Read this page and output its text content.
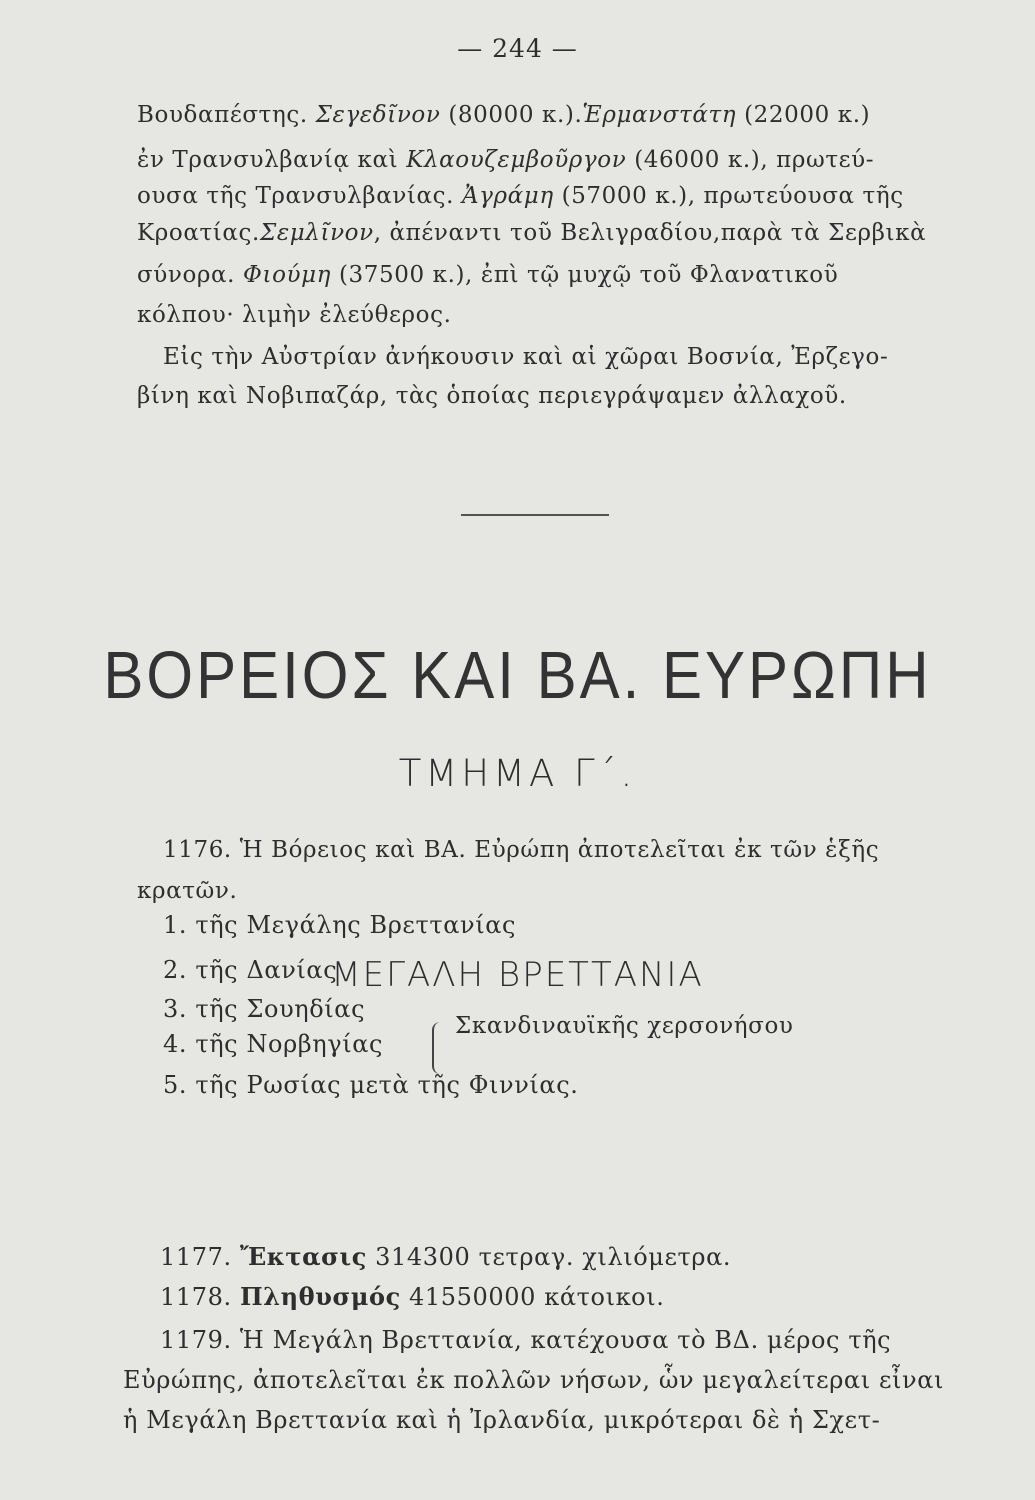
— 244 —
Βουδαπέστης. Σεγεδῖνον (80000 κ.).Ἑρμανστάτη (22000 κ.)
ἐν Τρανσυλβανίᾳ καὶ Κλαουζεμβοῦργον (46000 κ.), πρωτεύ-
ουσα τῆς Τρανσυλβανίας. Ἀγράμη (57000 κ.), πρωτεύουσα τῆς
Κροατίας.Σεμλῖνον, ἀπέναντι τοῦ Βελιγραδίου,παρὰ τὰ Σερβικὰ
σύνορα. Φιούμη (37500 κ.), ἐπὶ τῷ μυχῷ τοῦ Φλανατικοῦ
κόλπου· λιμὴν ἐλεύθερος.
Εἰς τὴν Αὐστρίαν ἀνήκουσιν καὶ αἱ χῶραι Βοσνία, Ἐρζεγο-
βίνη καὶ Νοβιπαζάρ, τὰς ὁποίας περιεγράψαμεν ἀλλαχοῦ.
ΒΟΡΕΙΟΣ ΚΑΙ ΒΑ. ΕΥΡΩΠΗ
ΤΜΗΜΑ Γ΄.
1176. Ἡ Βόρειος καὶ ΒΑ. Εὐρώπη ἀποτελεῖται ἐκ τῶν ἑξῆς
κρατῶν.
1. τῆς Μεγάλης Βρεττανίας
2. τῆς Δανίας
3. τῆς Σουηδίας
4. τῆς Νορβηγίας
Σκανδιναυϊκῆς χερσονήσου
5. τῆς Ρωσίας μετὰ τῆς Φιννίας.
ΜΕΓΑΛΗ ΒΡΕΤΤΑΝΙΑ
1177. Ἔκτασις 314300 τετραγ. χιλιόμετρα.
1178. Πληθυσμός 41550000 κάτοικοι.
1179. Ἡ Μεγάλη Βρεττανία, κατέχουσα τὸ ΒΔ. μέρος τῆς
Εὐρώπης, ἀποτελεῖται ἐκ πολλῶν νήσων, ὧν μεγαλείτεραι εἶναι
ἡ Μεγάλη Βρεττανία καὶ ἡ Ἰρλανδία, μικρότεραι δὲ ἡ Σχετ-
